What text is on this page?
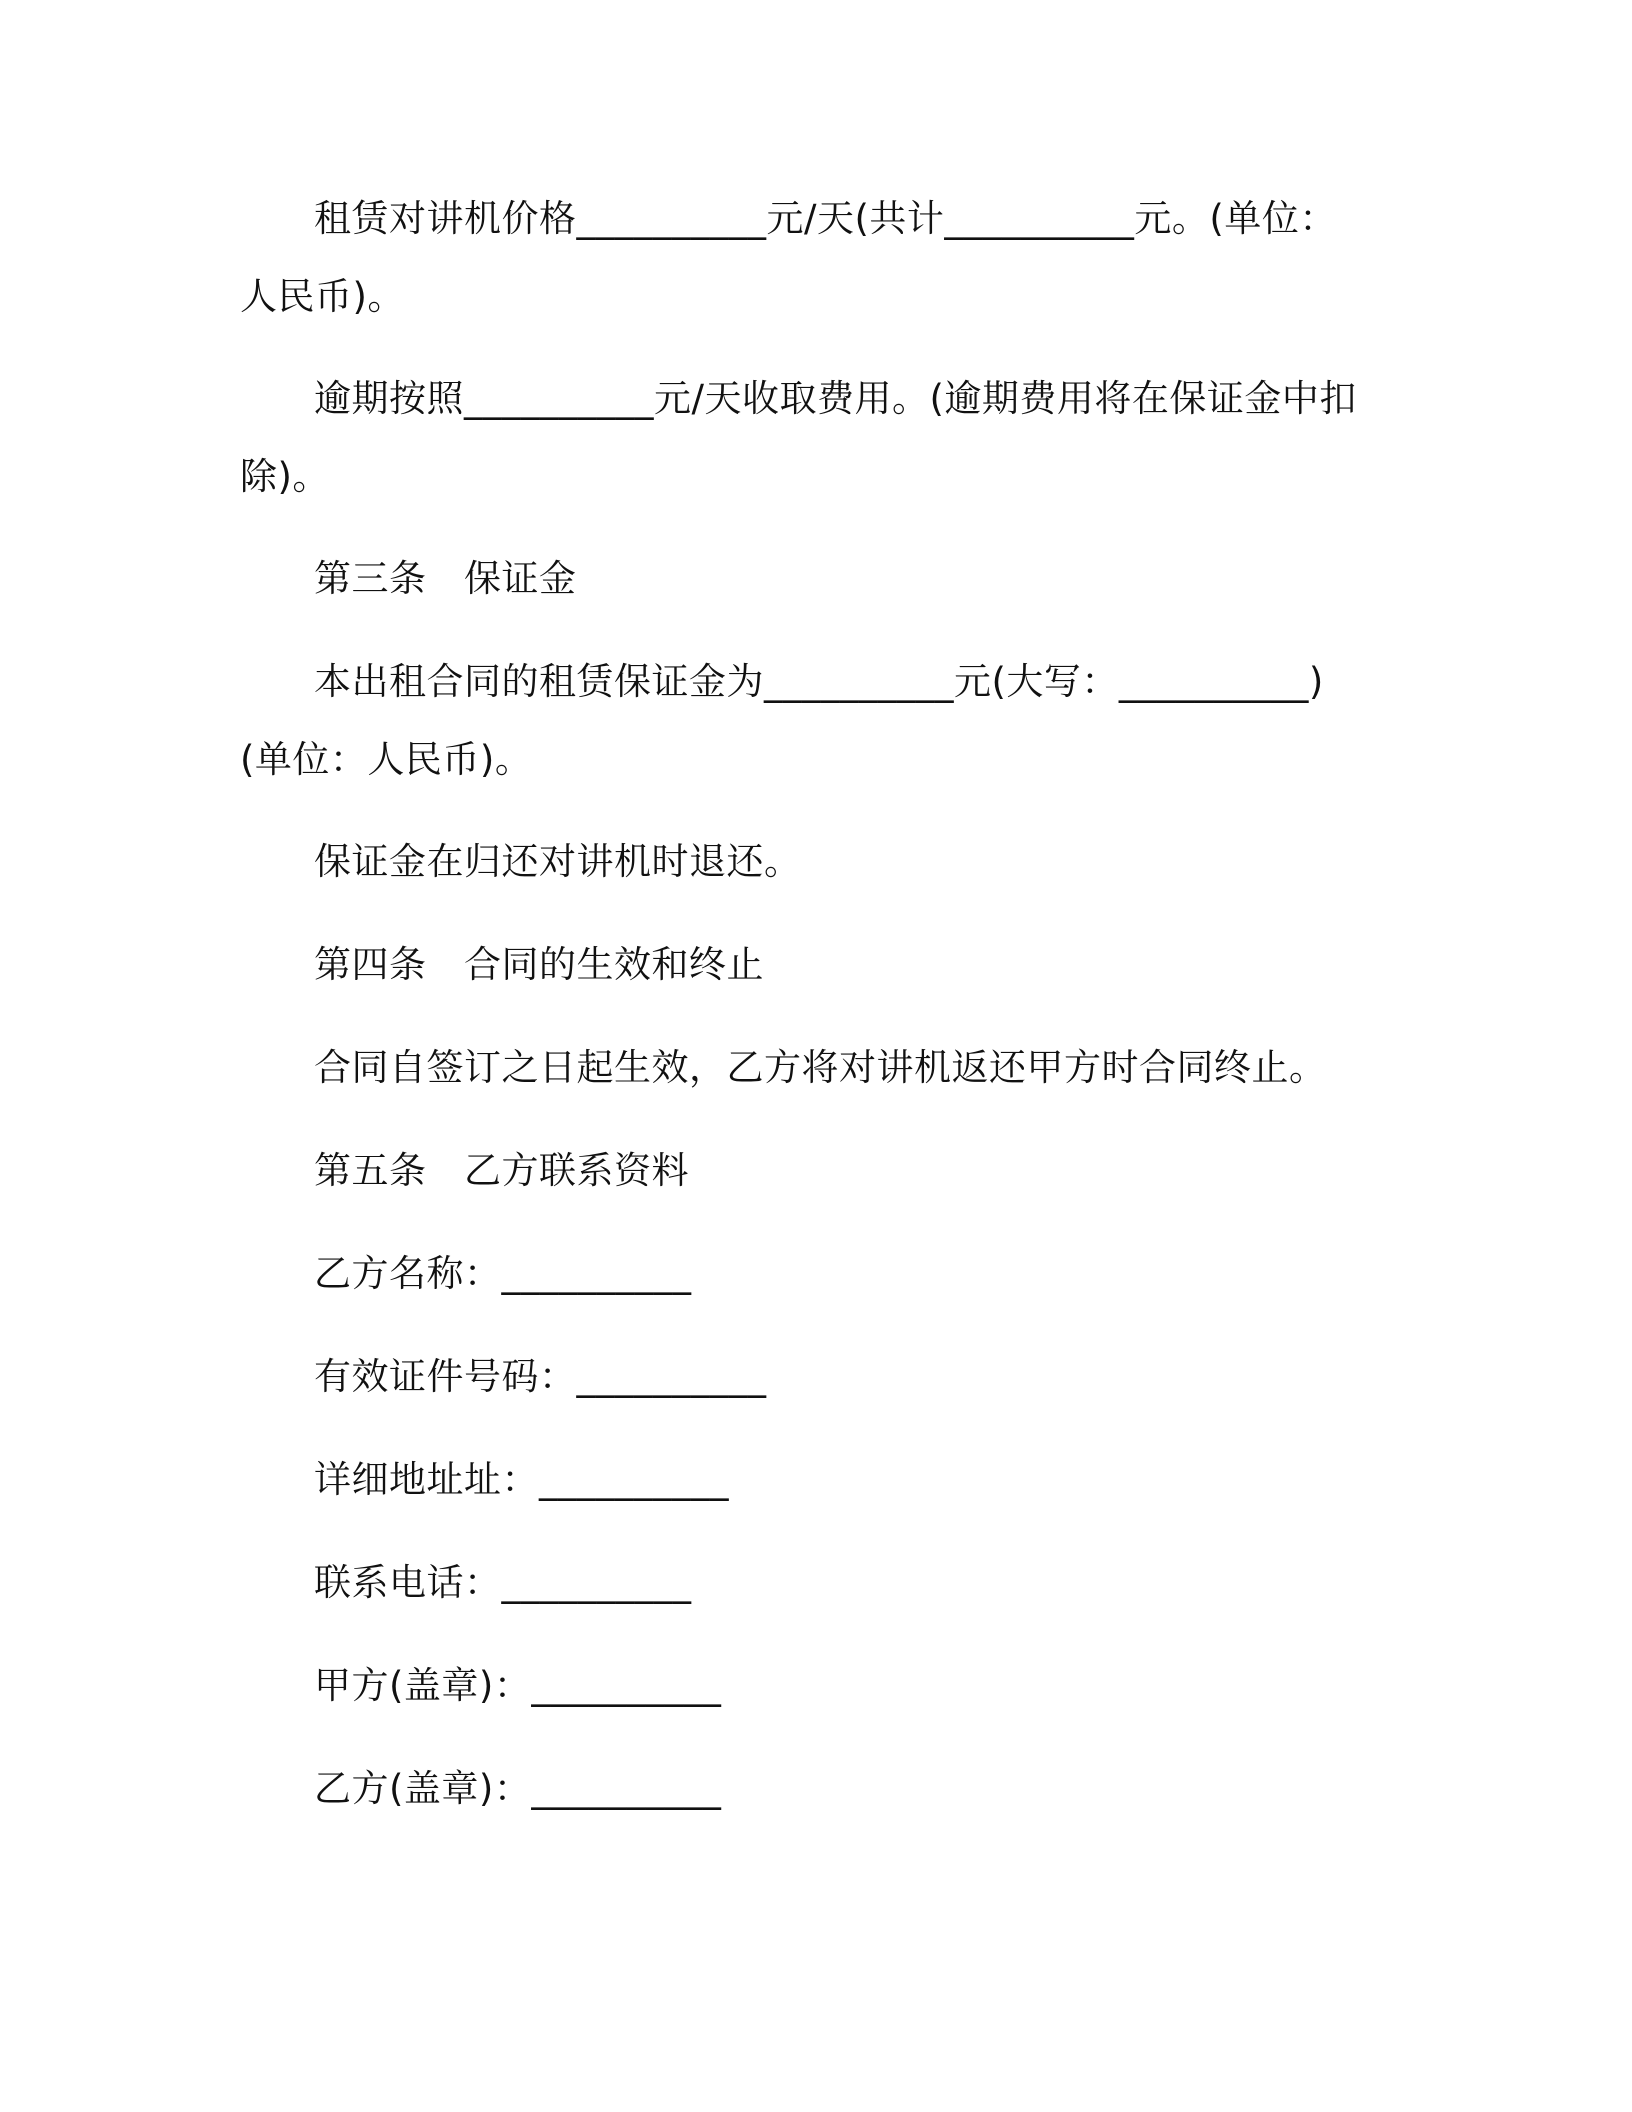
租赁对讲机价格__________元/天(共计__________元。(单位：人民币)。
逾期按照__________元/天收取费用。(逾期费用将在保证金中扣除)。
第三条　保证金
本出租合同的租赁保证金为__________元(大写：__________)(单位：人民币)。
保证金在归还对讲机时退还。
第四条　合同的生效和终止
合同自签订之日起生效，乙方将对讲机返还甲方时合同终止。
第五条　乙方联系资料
乙方名称：__________
有效证件号码：__________
详细地址址：__________
联系电话：__________
甲方(盖章)：__________
乙方(盖章)：__________
